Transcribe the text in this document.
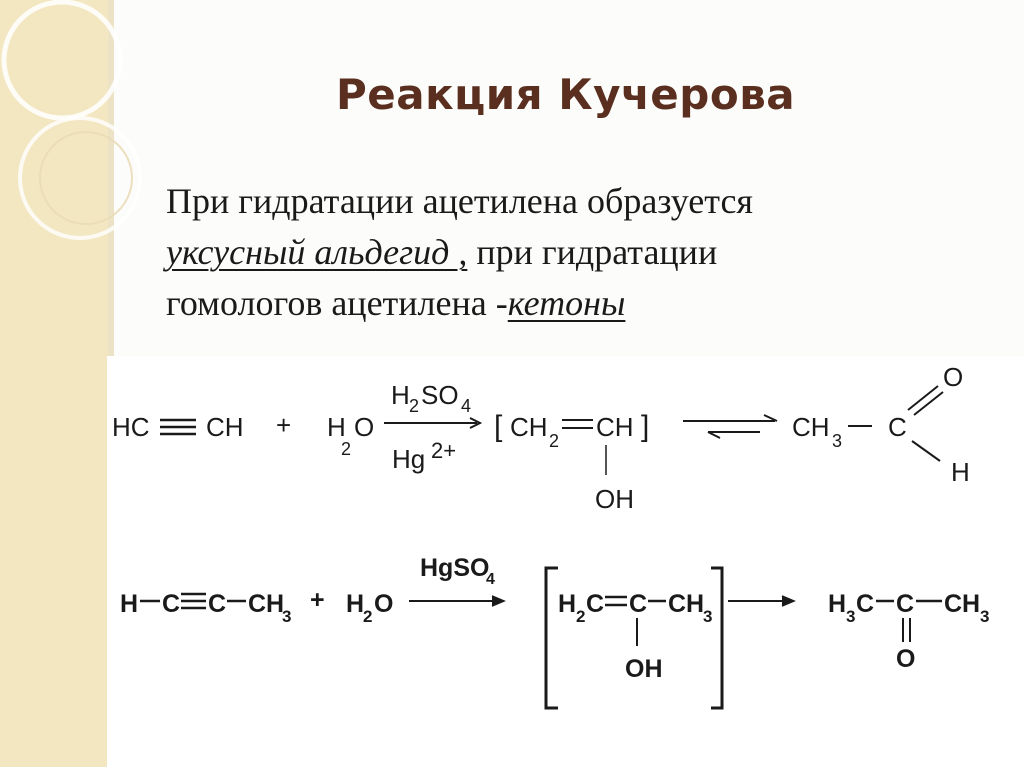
Реакция Кучерова
При гидратации ацетилена образуется
уксусный альдегид , при гидратации
гомологов ацетилена -кетоны
HC CH + H
2
O
H 2 SO 4
Hg 2+
[ CH 2 CH ]
OH
CH 3 C
O
H
H C C CH
3
+ H
2 O
HgSO
4
H 2 C C CH
3
OH
H 3 C C CH 3
O
